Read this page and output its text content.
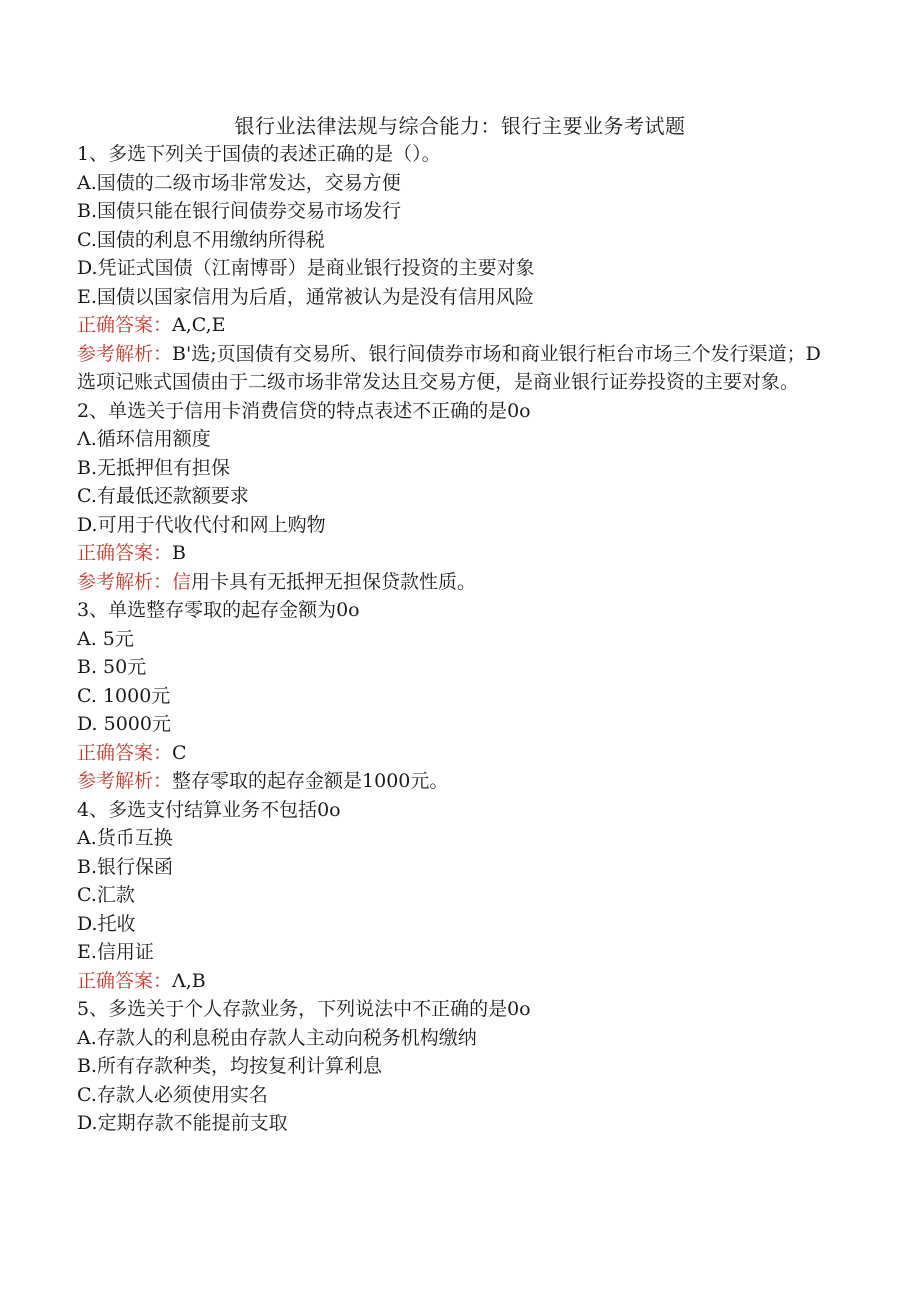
银行业法律法规与综合能力：银行主要业务考试题
1、多选下列关于国债的表述正确的是（）。
A.国债的二级市场非常发达，交易方便
B.国债只能在银行间债券交易市场发行
C.国债的利息不用缴纳所得税
D.凭证式国债（江南博哥）是商业银行投资的主要对象
E.国债以国家信用为后盾，通常被认为是没有信用风险
正确答案：A,C,E
参考解析：B'选;页国债有交易所、银行间债券市场和商业银行柜台市场三个发行渠道；D选项记账式国债由于二级市场非常发达且交易方便，是商业银行证券投资的主要对象。
2、单选关于信用卡消费信贷的特点表述不正确的是0o
Λ.循环信用额度
B.无抵押但有担保
C.有最低还款额要求
D.可用于代收代付和网上购物
正确答案：B
参考解析：信用卡具有无抵押无担保贷款性质。
3、单选整存零取的起存金额为0o
A. 5元
B. 50元
C. 1000元
D. 5000元
正确答案：C
参考解析：整存零取的起存金额是1000元。
4、多选支付结算业务不包括0o
A.货币互换
B.银行保函
C.汇款
D.托收
E.信用证
正确答案：Λ,B
5、多选关于个人存款业务，下列说法中不正确的是0o
A.存款人的利息税由存款人主动向税务机构缴纳
B.所有存款种类，均按复利计算利息
C.存款人必须使用实名
D.定期存款不能提前支取
